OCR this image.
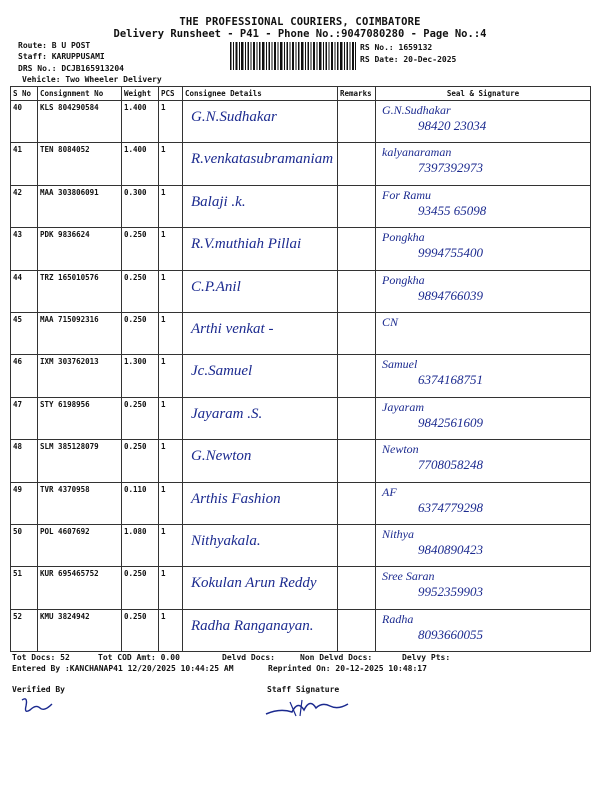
THE PROFESSIONAL COURIERS, COIMBATORE
Delivery Runsheet - P41 - Phone No.:9047080280 - Page No.:4
Route: B U POST
Staff: KARUPPUSAMI
DRS No.: DCJB165913204
Vehicle: Two Wheeler Delivery
RS No.: 1659132
RS Date: 20-Dec-2025
S No	Consignment No	Weight	PCS	Consignee Details	Remarks	Seal & Signature
40	KLS 804290584	1.400	1	G.N.Sudhakar		G.N.Sudhakar
98420 23034

41	TEN 8084052	1.400	1	R.venkatasubramaniam		kalyanaraman
7397392973

42	MAA 303806091	0.300	1	Balaji .k.		For Ramu
93455 65098

43	PDK 9836624	0.250	1	R.V.muthiah Pillai		Pongkha
9994755400

44	TRZ 165010576	0.250	1	C.P.Anil		Pongkha
9894766039

45	MAA 715092316	0.250	1	Arthi venkat -		CN

46	IXM 303762013	1.300	1	Jc.Samuel		Samuel
6374168751

47	STY 6198956	0.250	1	Jayaram .S.		Jayaram
9842561609

48	SLM 385128079	0.250	1	G.Newton		Newton
7708058248

49	TVR 4370958	0.110	1	Arthis Fashion		AF
6374779298

50	POL 4607692	1.080	1	Nithyakala.		Nithya
9840890423

51	KUR 695465752	0.250	1	Kokulan Arun Reddy		Sree Saran
9952359903

52	KMU 3824942	0.250	1	Radha Ranganayan.		Radha
8093660055
Tot Docs: 52	Tot COD Amt: 0.00	Delvd Docs:	Non Delvd Docs:	Delvy Pts:
Entered By :KANCHANAP41 12/20/2025 10:44:25 AM	Reprinted On: 20-12-2025 10:48:17
Verified By	Staff Signature
